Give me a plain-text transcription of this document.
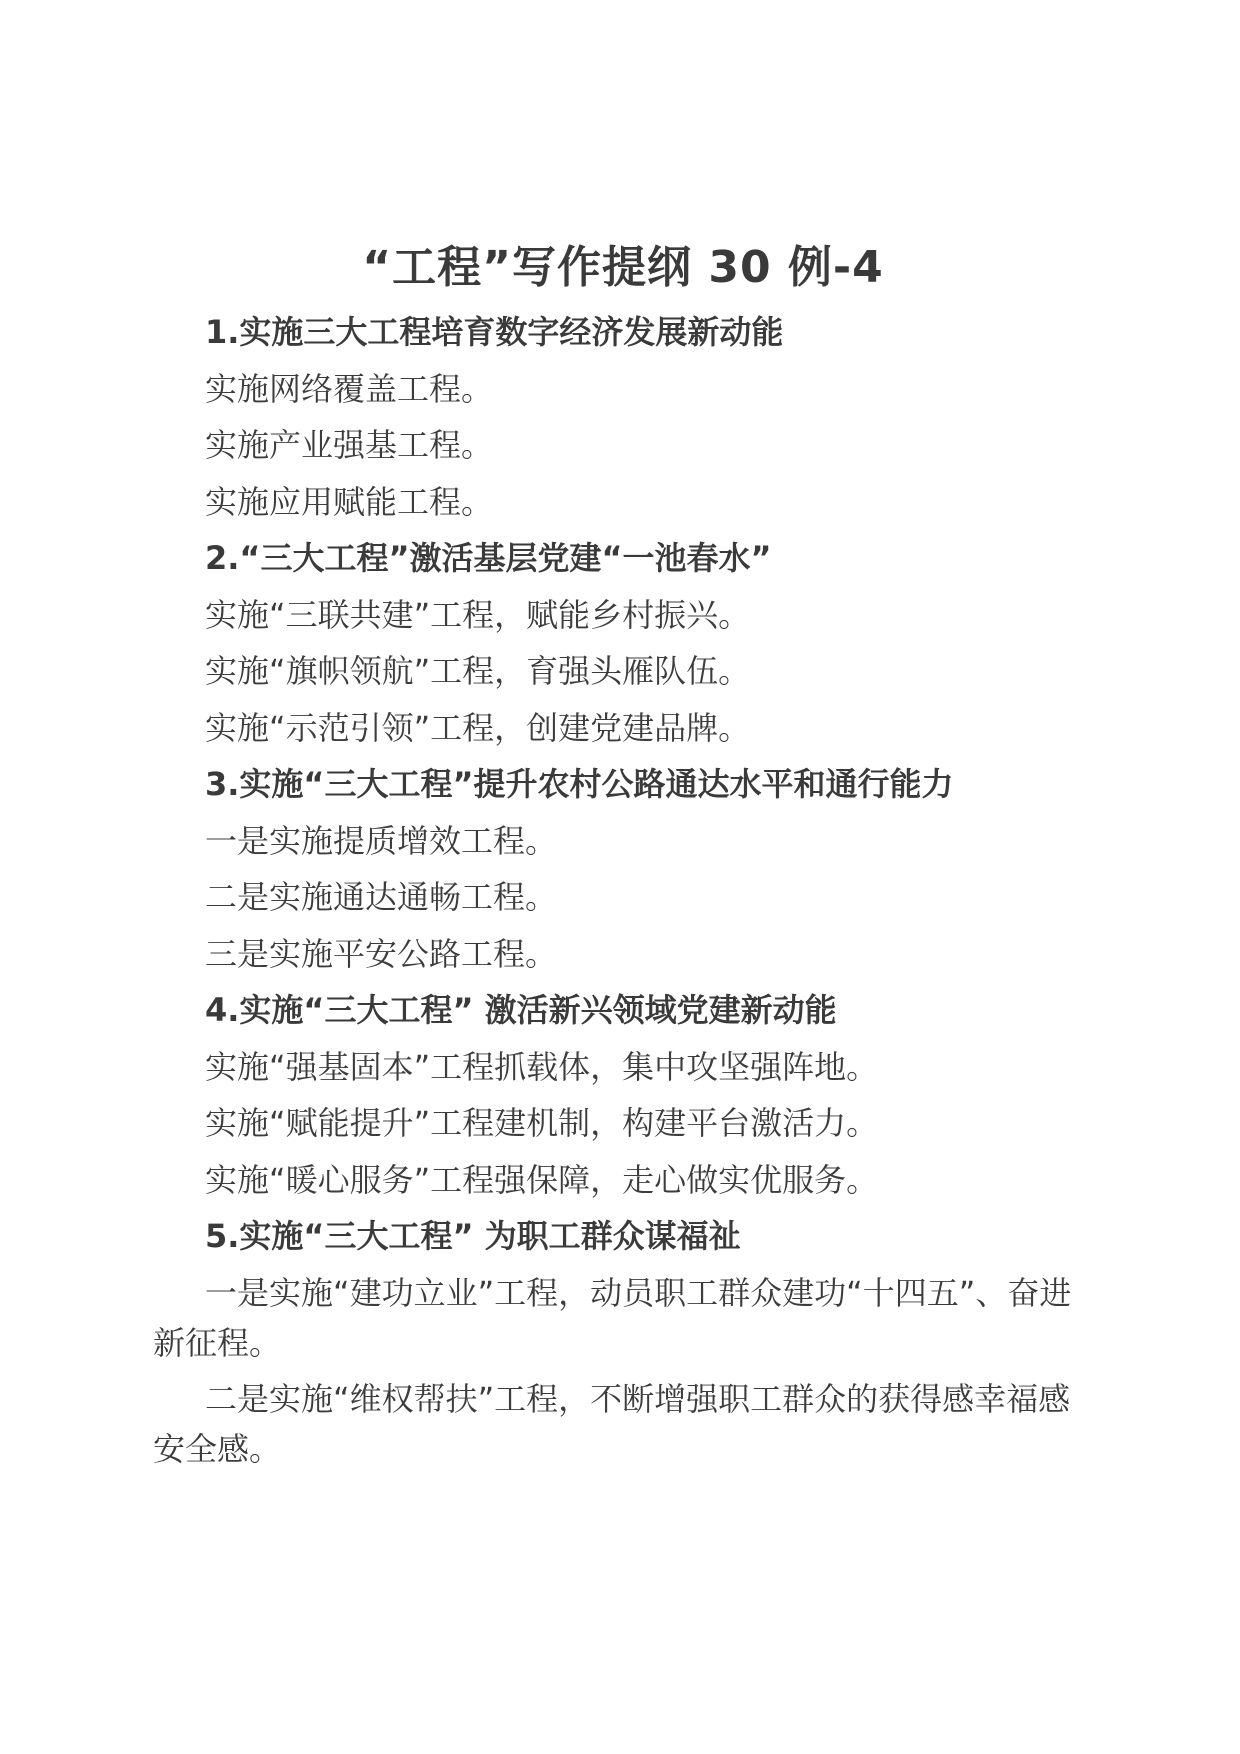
“工程”写作提纲 30 例-4

1.实施三大工程培育数字经济发展新动能

实施网络覆盖工程。

实施产业强基工程。

实施应用赋能工程。

2.“三大工程”激活基层党建“一池春水”

实施“三联共建”工程，赋能乡村振兴。

实施“旗帜领航”工程，育强头雁队伍。

实施“示范引领”工程，创建党建品牌。

3.实施“三大工程”提升农村公路通达水平和通行能力

一是实施提质增效工程。

二是实施通达通畅工程。

三是实施平安公路工程。

4.实施“三大工程” 激活新兴领域党建新动能

实施“强基固本”工程抓载体，集中攻坚强阵地。

实施“赋能提升”工程建机制，构建平台激活力。

实施“暖心服务”工程强保障，走心做实优服务。

5.实施“三大工程” 为职工群众谋福祉

一是实施“建功立业”工程，动员职工群众建功“十四五”、奋进新征程。

二是实施“维权帮扶”工程，不断增强职工群众的获得感幸福感安全感。
